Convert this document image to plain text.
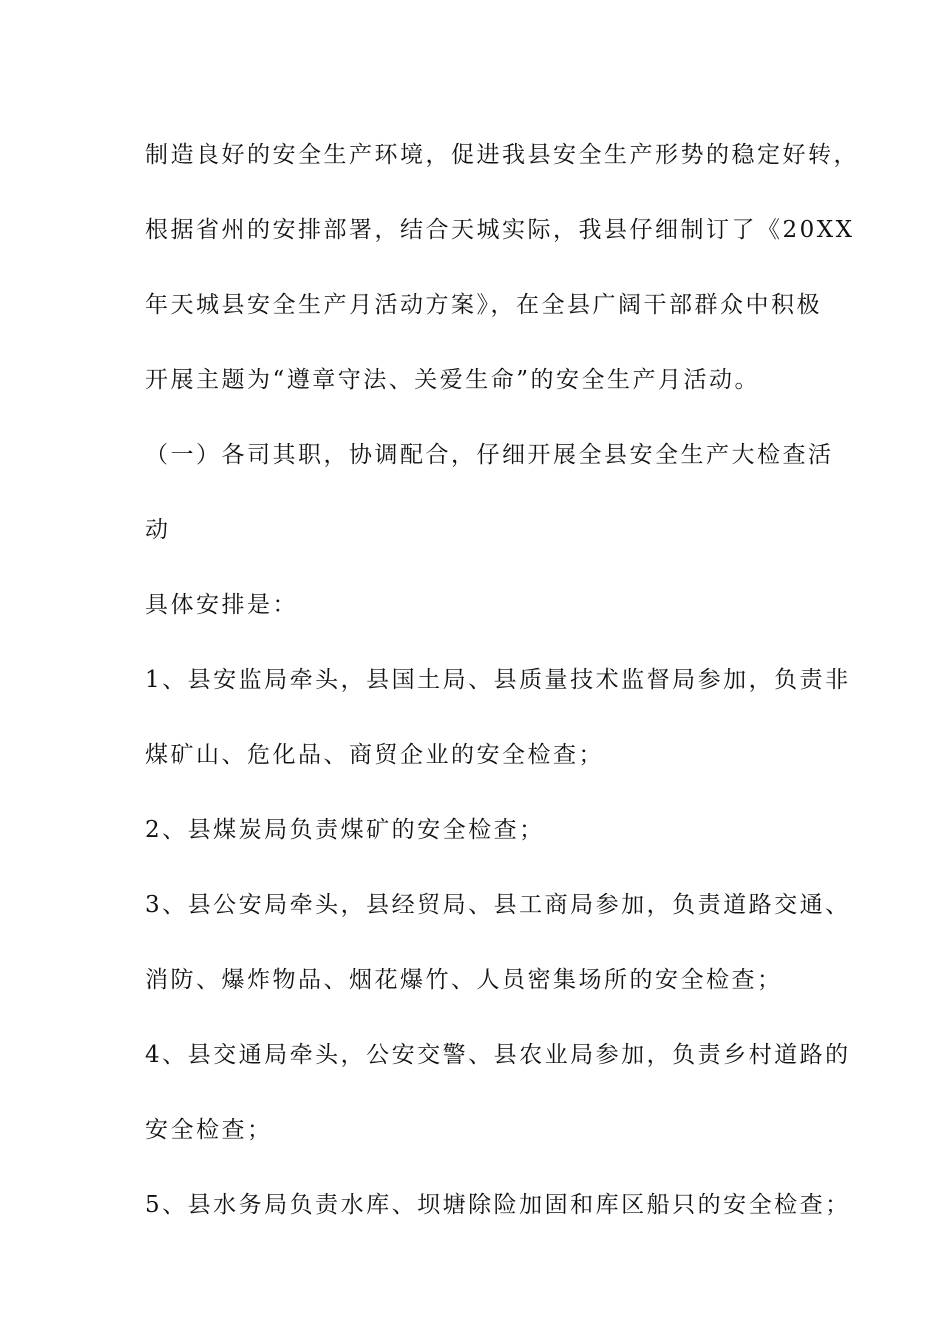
制造良好的安全生产环境，促进我县安全生产形势的稳定好转，
根据省州的安排部署，结合天城实际，我县仔细制订了《20XX
年天城县安全生产月活动方案》，在全县广阔干部群众中积极
开展主题为“遵章守法、关爱生命”的安全生产月活动。
（一）各司其职，协调配合，仔细开展全县安全生产大检查活
动
具体安排是：
1、县安监局牵头，县国土局、县质量技术监督局参加，负责非
煤矿山、危化品、商贸企业的安全检查；
2、县煤炭局负责煤矿的安全检查；
3、县公安局牵头，县经贸局、县工商局参加，负责道路交通、
消防、爆炸物品、烟花爆竹、人员密集场所的安全检查；
4、县交通局牵头，公安交警、县农业局参加，负责乡村道路的
安全检查；
5、县水务局负责水库、坝塘除险加固和库区船只的安全检查；
